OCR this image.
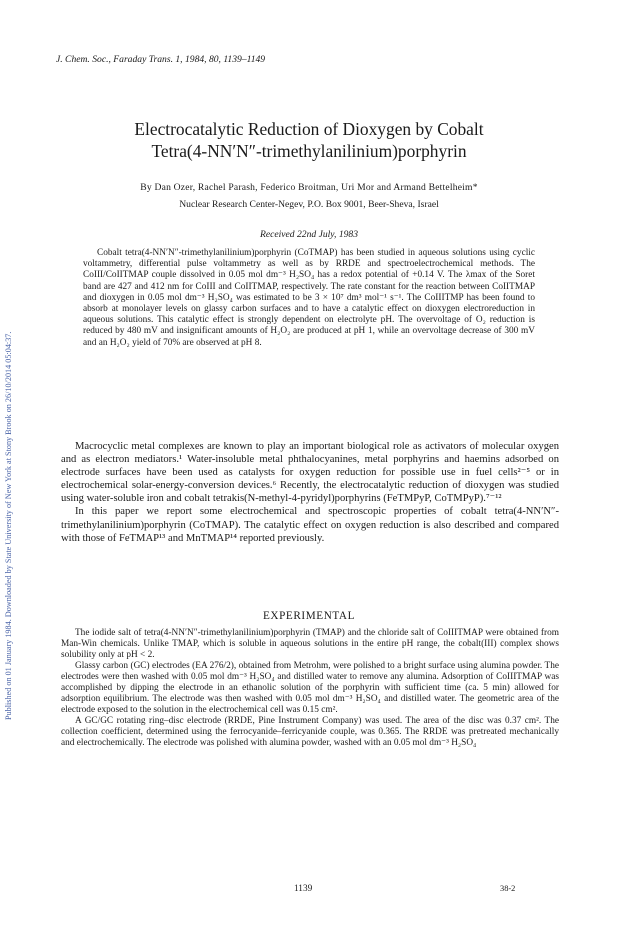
Published on 01 January 1984. Downloaded by State University of New York at Stony Brook on 26/10/2014 05:04:37.
J. Chem. Soc., Faraday Trans. 1, 1984, 80, 1139–1149
Electrocatalytic Reduction of Dioxygen by Cobalt
Tetra(4-NN′N″-trimethylanilinium)porphyrin
By Dan Ozer, Rachel Parash, Federico Broitman, Uri Mor and Armand Bettelheim*
Nuclear Research Center-Negev, P.O. Box 9001, Beer-Sheva, Israel
Received 22nd July, 1983
Cobalt tetra(4-NN′N″-trimethylanilinium)porphyrin (CoTMAP) has been studied in aqueous solutions using cyclic voltammetry, differential pulse voltammetry as well as by RRDE and spectroelectrochemical methods. The CoIII/CoIITMAP couple dissolved in 0.05 mol dm⁻³ H₂SO₄ has a redox potential of +0.14 V. The λmax of the Soret band are 427 and 412 nm for CoIII and CoIITMAP, respectively. The rate constant for the reaction between CoIITMAP and dioxygen in 0.05 mol dm⁻³ H₂SO₄ was estimated to be 3 × 10⁷ dm³ mol⁻¹ s⁻¹. The CoIIITMP has been found to absorb at monolayer levels on glassy carbon surfaces and to have a catalytic effect on dioxygen electroreduction in aqueous solutions. This catalytic effect is strongly dependent on electrolyte pH. The overvoltage of O₂ reduction is reduced by 480 mV and insignificant amounts of H₂O₂ are produced at pH 1, while an overvoltage decrease of 300 mV and an H₂O₂ yield of 70% are observed at pH 8.

Macrocyclic metal complexes are known to play an important biological role as activators of molecular oxygen and as electron mediators.¹ Water-insoluble metal phthalocyanines, metal porphyrins and haemins adsorbed on electrode surfaces have been used as catalysts for oxygen reduction for possible use in fuel cells²⁻⁵ or in electrochemical solar-energy-conversion devices.⁶ Recently, the electrocatalytic reduction of dioxygen was studied using water-soluble iron and cobalt tetrakis(N-methyl-4-pyridyl)porphyrins (FeTMPyP, CoTMPyP).⁷⁻¹²

In this paper we report some electrochemical and spectroscopic properties of cobalt tetra(4-NN′N″-trimethylanilinium)porphyrin (CoTMAP). The catalytic effect on oxygen reduction is also described and compared with those of FeTMAP¹³ and MnTMAP¹⁴ reported previously.

EXPERIMENTAL

The iodide salt of tetra(4-NN′N″-trimethylanilinium)porphyrin (TMAP) and the chloride salt of CoIIITMAP were obtained from Man-Win chemicals. Unlike TMAP, which is soluble in aqueous solutions in the entire pH range, the cobalt(III) complex shows solubility only at pH < 2.

Glassy carbon (GC) electrodes (EA 276/2), obtained from Metrohm, were polished to a bright surface using alumina powder. The electrodes were then washed with 0.05 mol dm⁻³ H₂SO₄ and distilled water to remove any alumina. Adsorption of CoIIITMAP was accomplished by dipping the electrode in an ethanolic solution of the porphyrin with sufficient time (ca. 5 min) allowed for adsorption equilibrium. The electrode was then washed with 0.05 mol dm⁻³ H₂SO₄ and distilled water. The geometric area of the electrode exposed to the solution in the electrochemical cell was 0.15 cm².

A GC/GC rotating ring–disc electrode (RRDE, Pine Instrument Company) was used. The area of the disc was 0.37 cm². The collection coefficient, determined using the ferrocyanide–ferricyanide couple, was 0.365. The RRDE was pretreated mechanically and electrochemically. The electrode was polished with alumina powder, washed with an 0.05 mol dm⁻³ H₂SO₄

1139	38-2
